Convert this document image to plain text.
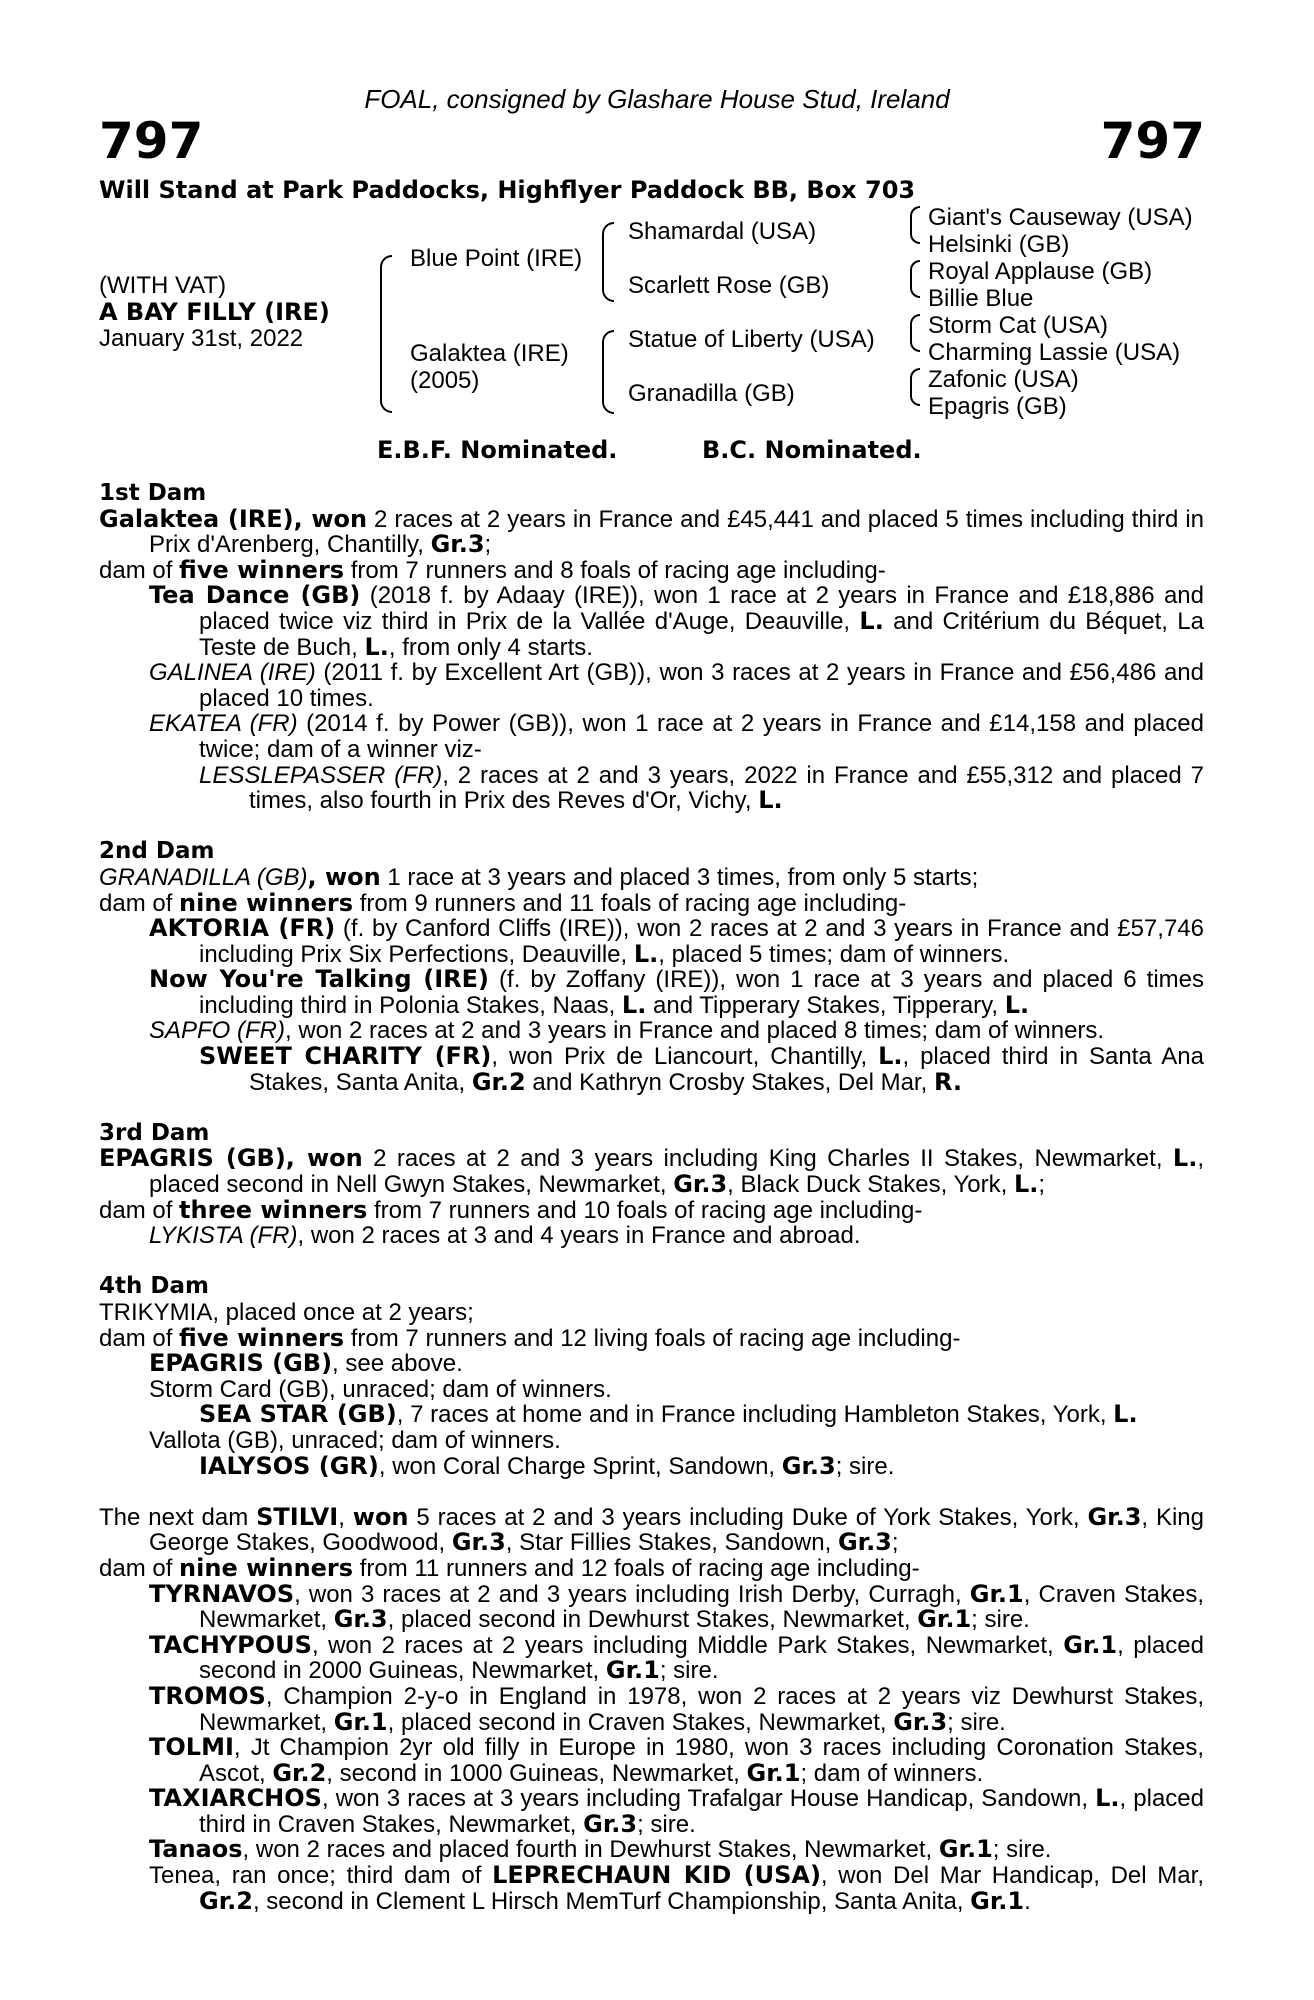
FOAL, consigned by Glashare House Stud, Ireland
797	797
Will Stand at Park Paddocks, Highflyer Paddock BB, Box 703
(WITH VAT)
A BAY FILLY (IRE)
January 31st, 2022
Blue Point (IRE)
Galaktea (IRE)
(2005)
Shamardal (USA)
Scarlett Rose (GB)
Statue of Liberty (USA)
Granadilla (GB)
Giant's Causeway (USA)
Helsinki (GB)
Royal Applause (GB)
Billie Blue
Storm Cat (USA)
Charming Lassie (USA)
Zafonic (USA)
Epagris (GB)
E.B.F. Nominated.	B.C. Nominated.
1st Dam

Galaktea (IRE), won 2 races at 2 years in France and £45,441 and placed 5 times including third in Prix d'Arenberg, Chantilly, Gr.3;

dam of five winners from 7 runners and 8 foals of racing age including-

Tea Dance (GB) (2018 f. by Adaay (IRE)), won 1 race at 2 years in France and £18,886 and placed twice viz third in Prix de la Vallée d'Auge, Deauville, L. and Critérium du Béquet, La Teste de Buch, L., from only 4 starts.

GALINEA (IRE) (2011 f. by Excellent Art (GB)), won 3 races at 2 years in France and £56,486 and placed 10 times.

EKATEA (FR) (2014 f. by Power (GB)), won 1 race at 2 years in France and £14,158 and placed twice; dam of a winner viz-

LESSLEPASSER (FR), 2 races at 2 and 3 years, 2022 in France and £55,312 and placed 7 times, also fourth in Prix des Reves d'Or, Vichy, L.

2nd Dam

GRANADILLA (GB), won 1 race at 3 years and placed 3 times, from only 5 starts;

dam of nine winners from 9 runners and 11 foals of racing age including-

AKTORIA (FR) (f. by Canford Cliffs (IRE)), won 2 races at 2 and 3 years in France and £57,746 including Prix Six Perfections, Deauville, L., placed 5 times; dam of winners.

Now You're Talking (IRE) (f. by Zoffany (IRE)), won 1 race at 3 years and placed 6 times including third in Polonia Stakes, Naas, L. and Tipperary Stakes, Tipperary, L.

SAPFO (FR), won 2 races at 2 and 3 years in France and placed 8 times; dam of winners.

SWEET CHARITY (FR), won Prix de Liancourt, Chantilly, L., placed third in Santa Ana Stakes, Santa Anita, Gr.2 and Kathryn Crosby Stakes, Del Mar, R.

3rd Dam

EPAGRIS (GB), won 2 races at 2 and 3 years including King Charles II Stakes, Newmarket, L., placed second in Nell Gwyn Stakes, Newmarket, Gr.3, Black Duck Stakes, York, L.;

dam of three winners from 7 runners and 10 foals of racing age including-

LYKISTA (FR), won 2 races at 3 and 4 years in France and abroad.

4th Dam

TRIKYMIA, placed once at 2 years;

dam of five winners from 7 runners and 12 living foals of racing age including-

EPAGRIS (GB), see above.

Storm Card (GB), unraced; dam of winners.

SEA STAR (GB), 7 races at home and in France including Hambleton Stakes, York, L.

Vallota (GB), unraced; dam of winners.

IALYSOS (GR), won Coral Charge Sprint, Sandown, Gr.3; sire.

The next dam STILVI, won 5 races at 2 and 3 years including Duke of York Stakes, York, Gr.3, King George Stakes, Goodwood, Gr.3, Star Fillies Stakes, Sandown, Gr.3;

dam of nine winners from 11 runners and 12 foals of racing age including-

TYRNAVOS, won 3 races at 2 and 3 years including Irish Derby, Curragh, Gr.1, Craven Stakes, Newmarket, Gr.3, placed second in Dewhurst Stakes, Newmarket, Gr.1; sire.

TACHYPOUS, won 2 races at 2 years including Middle Park Stakes, Newmarket, Gr.1, placed second in 2000 Guineas, Newmarket, Gr.1; sire.

TROMOS, Champion 2-y-o in England in 1978, won 2 races at 2 years viz Dewhurst Stakes, Newmarket, Gr.1, placed second in Craven Stakes, Newmarket, Gr.3; sire.

TOLMI, Jt Champion 2yr old filly in Europe in 1980, won 3 races including Coronation Stakes, Ascot, Gr.2, second in 1000 Guineas, Newmarket, Gr.1; dam of winners.

TAXIARCHOS, won 3 races at 3 years including Trafalgar House Handicap, Sandown, L., placed third in Craven Stakes, Newmarket, Gr.3; sire.

Tanaos, won 2 races and placed fourth in Dewhurst Stakes, Newmarket, Gr.1; sire.

Tenea, ran once; third dam of LEPRECHAUN KID (USA), won Del Mar Handicap, Del Mar, Gr.2, second in Clement L Hirsch MemTurf Championship, Santa Anita, Gr.1.
